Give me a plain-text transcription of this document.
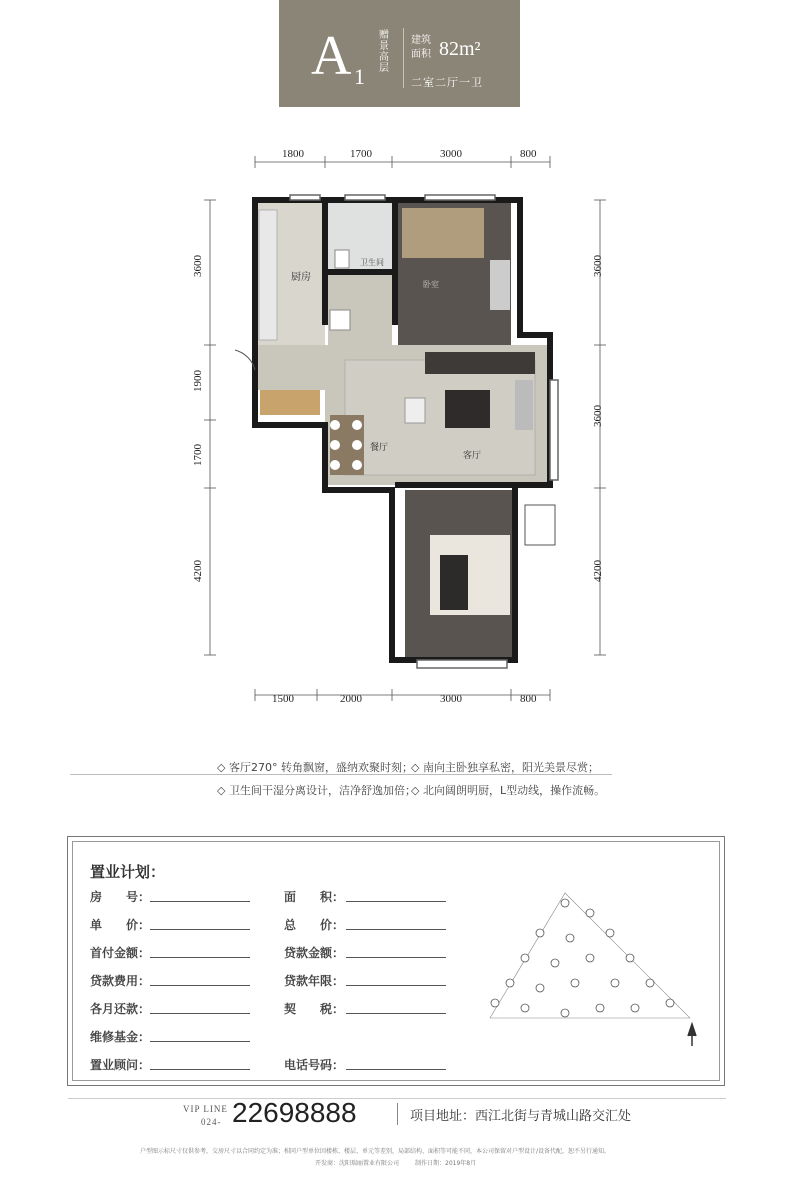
A 1
赠景高层
建筑面积 82m²
二室二厅一卫
1800	1700	3000	800
1500	2000	3000	800
3600
1900
1700
4200
3600
3600
4200
厨房
卫生间
卧室
餐厅
客厅
◇ 客厅270° 转角飘窗，盛纳欢聚时刻；
◇ 南向主卧独享私密，阳光美景尽赏；
◇ 卫生间干湿分离设计，洁净舒逸加倍；
◇ 北向阔朗明厨，L型动线，操作流畅。
置业计划：
房　　号：
单　　价：
首付金额：
贷款费用：
各月还款：
维修基金：
置业顾问：
面　　积：
总　　价：
贷款金额：
贷款年限：
契　　税：
电话号码：
VIP LINE
024- 22698888	项目地址：西江北街与青城山路交汇处
户型图示标尺寸仅供参考，交房尺寸以合同约定为准；相同户型单位因楼栋、楼层、单元等差别，局部结构、面积等可能不同，本公司保留对户型设计/设备代配，恕不另行通知。
开发商：沈阳瑞丽置业有限公司	制作日期：2019年8月
